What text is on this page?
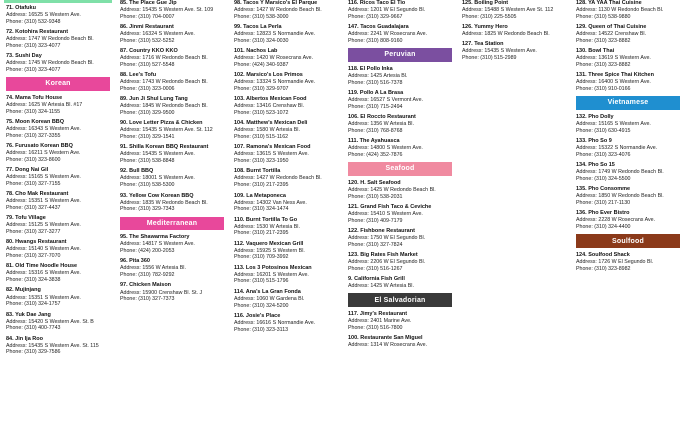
71. Otafuku
Address: 16525 S Western Ave.
Phone: (310) 532-9348
72. Kotohira Restaurant
Address: 1747 W Redondo Beach Bl.
Phone: (310) 323-4077
73. Sushi Day
Address: 1745 W Redondo Beach Bl.
Phone: (310) 323-4077
Korean
74. Mama Tofu House
Address: 1625 W Artesia Bl. #17
Phone: (310) 324-1155
75. Moon Korean BBQ
Address: 16343 S Western Ave.
Phone: (310) 327-3355
76. Furusato Korean BBQ
Address: 16211 S Western Ave.
Phone: (310) 323-8600
77. Dong Nai Gil
Address: 15165 S Western Ave.
Phone: (310) 327-7155
78. Cho Mak Restaurant
Address: 15351 S Western Ave.
Phone: (310) 327-4437
79. Tofu Village
Address: 15125 S Western Ave.
Phone: (310) 327-3277
80. Hwangs Restaurant
Address: 15140 S Western Ave.
Phone: (310) 327-7070
81. Old Time Noodle House
Address: 15316 S Western Ave.
Phone: (310) 324-3838
82. Mujinjang
Address: 15351 S Western Ave.
Phone: (310) 324-1757
83. Yuk Dae Jang
Address: 15420 S Western Ave. St. B
Phone: (310) 400-7743
84. Jin Ija Roo
Address: 15435 S Western Ave. St. 115
Phone: (310) 329-7586
85. The Place Gue Jip
Address: 15435 S Western Ave. St. 109
Phone: (310) 704-0007
86. Jinmi Restaurant
Address: 16324 S Western Ave.
Phone: (310) 532-5252
87. Country KKO KKO
Address: 1716 W Redondo Beach Bl.
Phone: (310) 527-5548
88. Lee's Tofu
Address: 1743 W Redondo Beach Bl.
Phone: (310) 323-0006
89. Jun Ji Shul Lung Tang
Address: 1845 W Redondo Beach Bl.
Phone: (310) 329-9500
90. Love Letter Pizza & Chicken
Address: 15435 S Western Ave. St. 112
Phone: (310) 329-1541
91. Shilla Korean BBQ Restaurant
Address: 15435 S Western Ave.
Phone: (310) 538-8848
92. Bull BBQ
Address: 18001 S Western Ave.
Phone: (310) 538-5300
93. Yellow Cow Korean BBQ
Address: 1835 W Redondo Beach Bl.
Phone: (310) 329-7343
Mediterranean
95. The Shawarma Factory
Address: 14817 S Western Ave.
Phone: (424) 200-2053
96. Pita 360
Address: 1556 W Artesia Bl.
Phone: (310) 782-9292
97. Chicken Maison
Address: 15900 Crenshaw Bl. St. J
Phone: (310) 327-7373
98. Tacos Y Marsico's El Parque
Address: 1427 W Redondo Beach Bl.
Phone: (310) 538-3000
99. Tacos La Perla
Address: 12823 S Normandie Ave.
Phone: (310) 324-0030
101. Nachos Lab
Address: 1420 W Rosecrans Ave.
Phone: (424) 340-9387
102. Marsico's Los Primos
Address: 13324 S Normandie Ave.
Phone: (310) 329-9707
103. Albertos Mexican Food
Address: 13416 Crenshaw Bl.
Phone: (310) 523-1072
104. Matthew's Mexican Deli
Address: 1580 W Artesia Bl.
Phone: (310) 515-1162
107. Ramona's Mexican Food
Address: 13615 S Western Ave.
Phone: (310) 323-1950
108. Burnt Tortilla
Address: 1427 W Redondo Beach Bl.
Phone: (310) 217-2395
109. La Metaponeca
Address: 14302 Van Ness Ave.
Phone: (310) 324-1474
110. Burnt Tortilla To Go
Address: 1530 W Artesia Bl.
Phone: (310) 217-2395
112. Vaquero Mexican Grill
Address: 15925 S Western Bl.
Phone: (310) 709-3992
113. Los 3 Potosinos Mexican
Address: 16201 S Western Ave.
Phone: (310) 515-1796
114. Ana's La Gran Fonda
Address: 1060 W Gardena Bl.
Phone: (310) 324-5200
116. Josie's Place
Address: 16616 S Normandie Ave.
Phone: (310) 323-3113
116. Ricos Taco El Tio
Address: 1201 W El Segundo Bl.
Phone: (310) 329-9667
147. Tacos Guadalajara
Address: 2241 W Rosecrans Ave.
Phone: (310) 808-9160
Peruvian
118. El Pollo Inka
Address: 1425 Artesia Bl.
Phone: (310) 516-7378
119. Pollo A La Brasa
Address: 16527 S Vermont Ave.
Phone: (310) 715-2494
106. El Roccto Restaurant
Address: 1356 W Artesia Bl.
Phone: (310) 768-8768
111. The Ayahuasca
Address: 14800 S Western Ave.
Phone: (424) 352-7876
Seafood
120. H. Salt Seafood
Address: 1425 W Redondo Beach Bl.
Phone: (310) 538-2031
121. Grand Fish Taco & Ceviche
Address: 15410 S Western Ave.
Phone: (310) 409-7179
122. Fishbone Restaurant
Address: 1750 W El Segundo Bl.
Phone: (310) 327-7824
123. Big Rates Fish Market
Address: 2206 W El Segundo Bl.
Phone: (310) 516-1267
9. California Fish Grill
Address: 1425 W Artesia Bl.
El Salvadorian
117. Jimy's Restaurant
Address: 2401 Marine Ave.
Phone: (310) 516-7800
100. Restaurante San Miguel
Address: 1314 W Rosecrans Ave.
125. Boiling Point
Address: 15488 S Western Ave St. 112
Phone: (310) 225-5505
126. Yummy Hero
Address: 1825 W Redondo Beach Bl.
127. Tea Station
Address: 15435 S Western Ave.
Phone: (310) 515-2989
128. YA YAA Thai Cuisine
Address: 1130 W Redondo Beach Bl.
Phone: (310) 538-9880
129. Queen of Thai Cuisine
Address: 14522 Crenshaw Bl.
Phone: (310) 323-8882
130. Bowl Thai
Address: 13619 S Western Ave.
Phone: (310) 323-8882
131. Three Spice Thai Kitchen
Address: 16400 S Western Ave.
Phone: (310) 910-0166
Vietnamese
132. Pho Dolly
Address: 15165 S Western Ave.
Phone: (310) 630-4915
133. Pho So 9
Address: 15322 S Normandie Ave.
Phone: (310) 323-4076
134. Pho So 15
Address: 1749 W Redondo Beach Bl.
Phone: (310) 324-5500
135. Pho Consomme
Address: 1850 W Redondo Beach Bl.
Phone: (310) 217-1130
136. Pho Ever Bistro
Address: 2228 W Rosecrans Ave.
Phone: (310) 324-4400
Soulfood
124. Soulfood Shack
Address: 1726 W El Segundo Bl.
Phone: (310) 323-8982
